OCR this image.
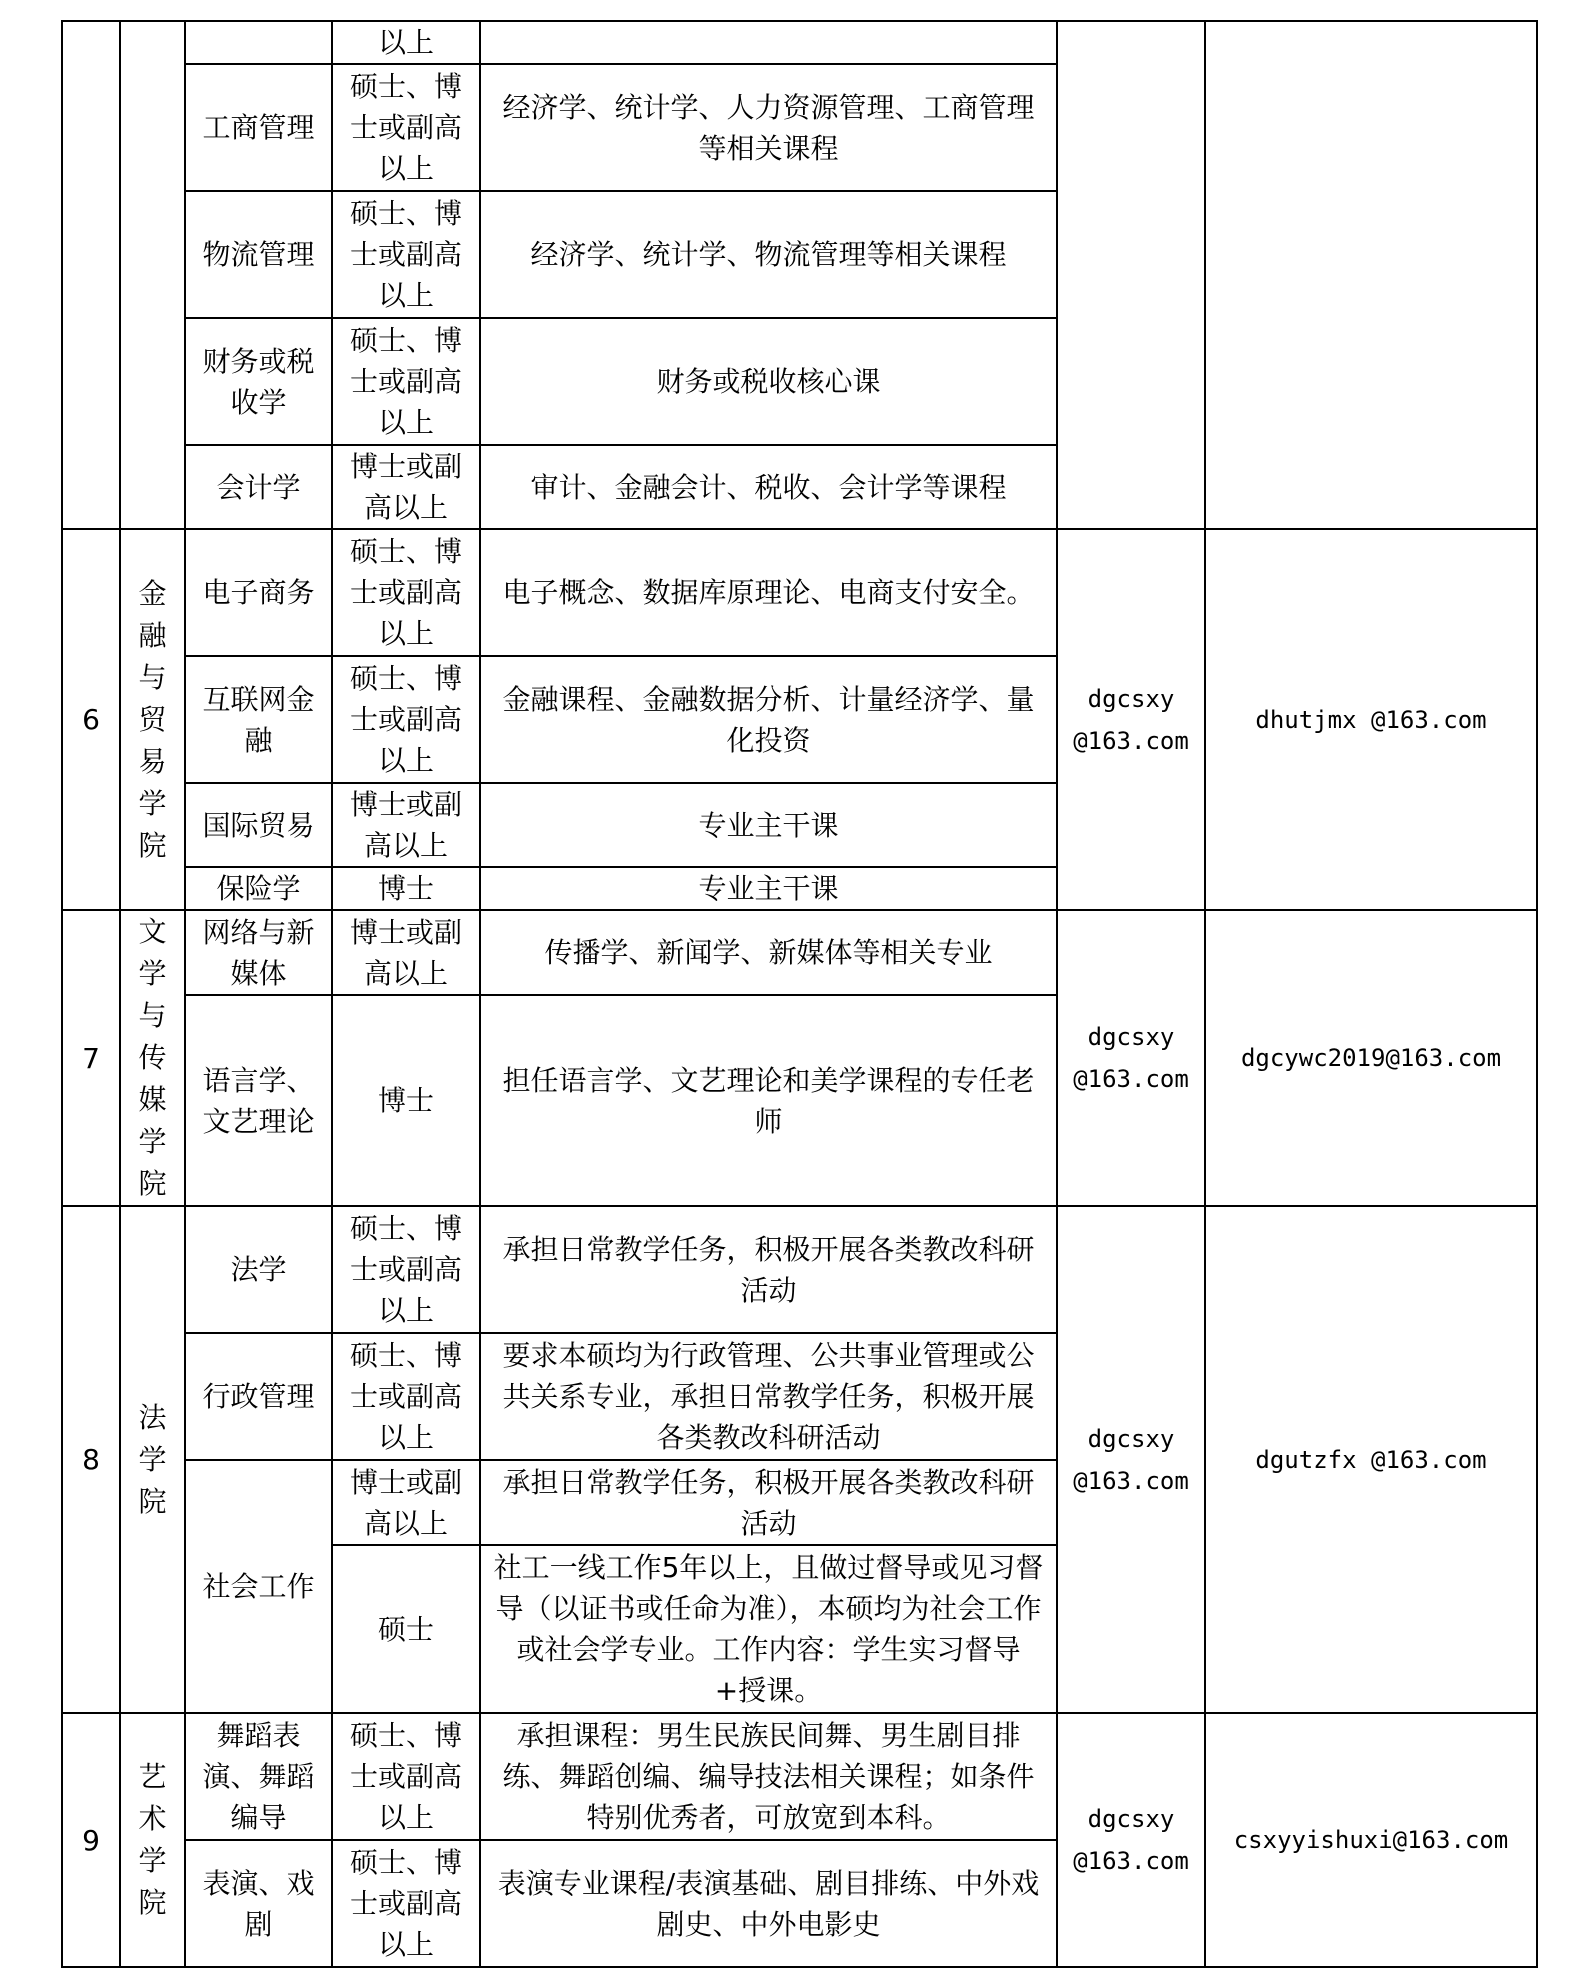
			以上			
		工商管理	硕士、博士或副高以上	经济学、统计学、人力资源管理、工商管理等相关课程		
		物流管理	硕士、博士或副高以上	经济学、统计学、物流管理等相关课程		
		财务或税收学	硕士、博士或副高以上	财务或税收核心课		
		会计学	博士或副高以上	审计、金融会计、税收、会计学等课程		
6	金融与贸易学院	电子商务	硕士、博士或副高以上	电子概念、数据库原理论、电商支付安全。	dgcsxy @163.com	dhutjmx @163.com
		互联网金融	硕士、博士或副高以上	金融课程、金融数据分析、计量经济学、量化投资		
		国际贸易	博士或副高以上	专业主干课		
		保险学	博士	专业主干课		
7	文学与传媒学院	网络与新媒体	博士或副高以上	传播学、新闻学、新媒体等相关专业	dgcsxy @163.com	dgcywc2019@163.com
		语言学、文艺理论	博士	担任语言学、文艺理论和美学课程的专任老师		
8	法学院	法学	硕士、博士或副高以上	承担日常教学任务，积极开展各类教改科研活动	dgcsxy @163.com	dgutzfx @163.com
		行政管理	硕士、博士或副高以上	要求本硕均为行政管理、公共事业管理或公共关系专业，承担日常教学任务，积极开展各类教改科研活动		
		社会工作	博士或副高以上	承担日常教学任务，积极开展各类教改科研活动		
			硕士	社工一线工作5年以上，且做过督导或见习督导（以证书或任命为准），本硕均为社会工作或社会学专业。工作内容：学生实习督导+授课。		
9	艺术学院	舞蹈表演、舞蹈编导	硕士、博士或副高以上	承担课程：男生民族民间舞、男生剧目排练、舞蹈创编、编导技法相关课程；如条件特别优秀者，可放宽到本科。	dgcsxy @163.com	csxyyishuxi@163.com
		表演、戏剧	硕士、博士或副高以上	表演专业课程/表演基础、剧目排练、中外戏剧史、中外电影史		
